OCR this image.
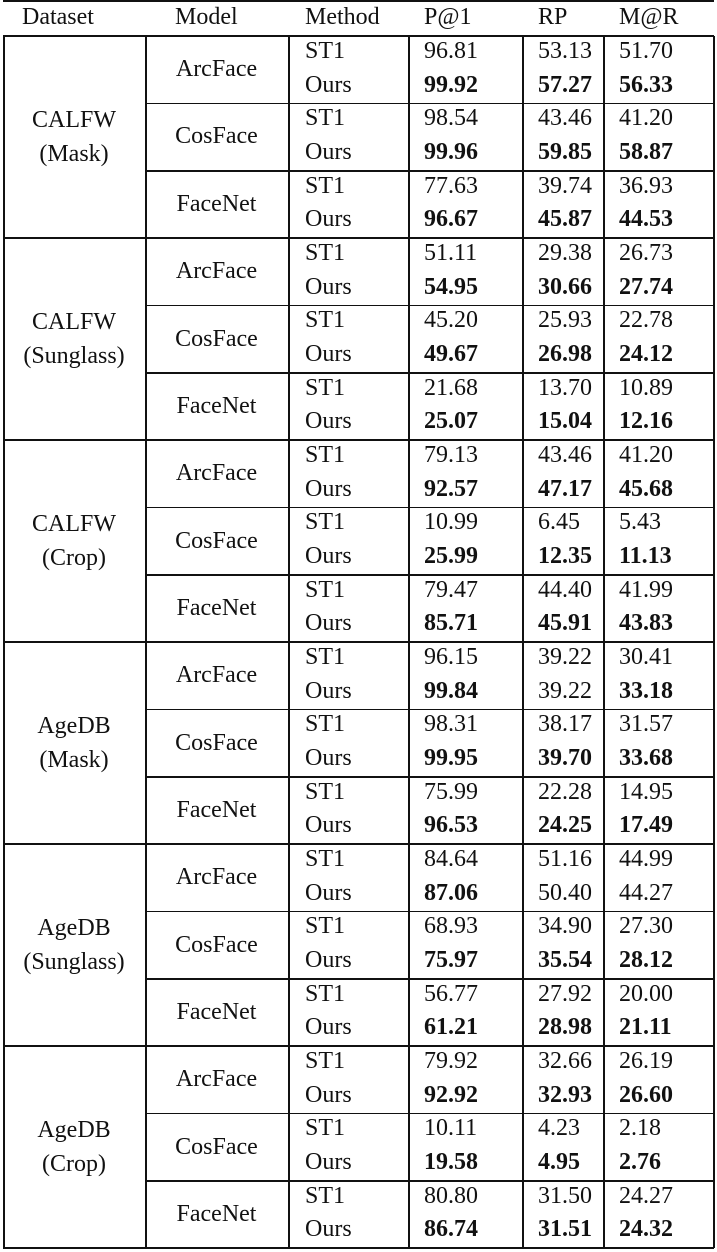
Dataset	Model	Method P@1	RP M@R
CALFW
(Mask)
ArcFace
ST1	96.81	53.13 51.70
Ours	99.92	57.27 56.33
CosFace
ST1	98.54	43.46 41.20
Ours	99.96	59.85 58.87
FaceNet
ST1	77.63	39.74 36.93
Ours	96.67	45.87 44.53
CALFW
(Sunglass)
ArcFace
ST1	51.11	29.38 26.73
Ours	54.95	30.66 27.74
CosFace
ST1	45.20	25.93 22.78
Ours	49.67	26.98 24.12
FaceNet
ST1	21.68	13.70 10.89
Ours	25.07	15.04 12.16
CALFW
(Crop)
ArcFace
ST1	79.13	43.46 41.20
Ours	92.57	47.17 45.68
CosFace
ST1	10.99	6.45 5.43
Ours	25.99	12.35 11.13
FaceNet
ST1	79.47	44.40 41.99
Ours	85.71	45.91 43.83
AgeDB
(Mask)
ArcFace
ST1	96.15	39.22 30.41
Ours	99.84	39.22 33.18
CosFace
ST1	98.31	38.17 31.57
Ours	99.95	39.70 33.68
FaceNet
ST1	75.99	22.28 14.95
Ours	96.53	24.25 17.49
AgeDB
(Sunglass)
ArcFace
ST1	84.64	51.16 44.99
Ours	87.06	50.40 44.27
CosFace
ST1	68.93	34.90 27.30
Ours	75.97	35.54 28.12
FaceNet
ST1	56.77	27.92 20.00
Ours	61.21	28.98 21.11
AgeDB
(Crop)
ArcFace
ST1	79.92	32.66 26.19
Ours	92.92	32.93 26.60
CosFace
ST1	10.11	4.23 2.18
Ours	19.58	4.95 2.76
FaceNet
ST1	80.80	31.50 24.27
Ours	86.74	31.51 24.32
